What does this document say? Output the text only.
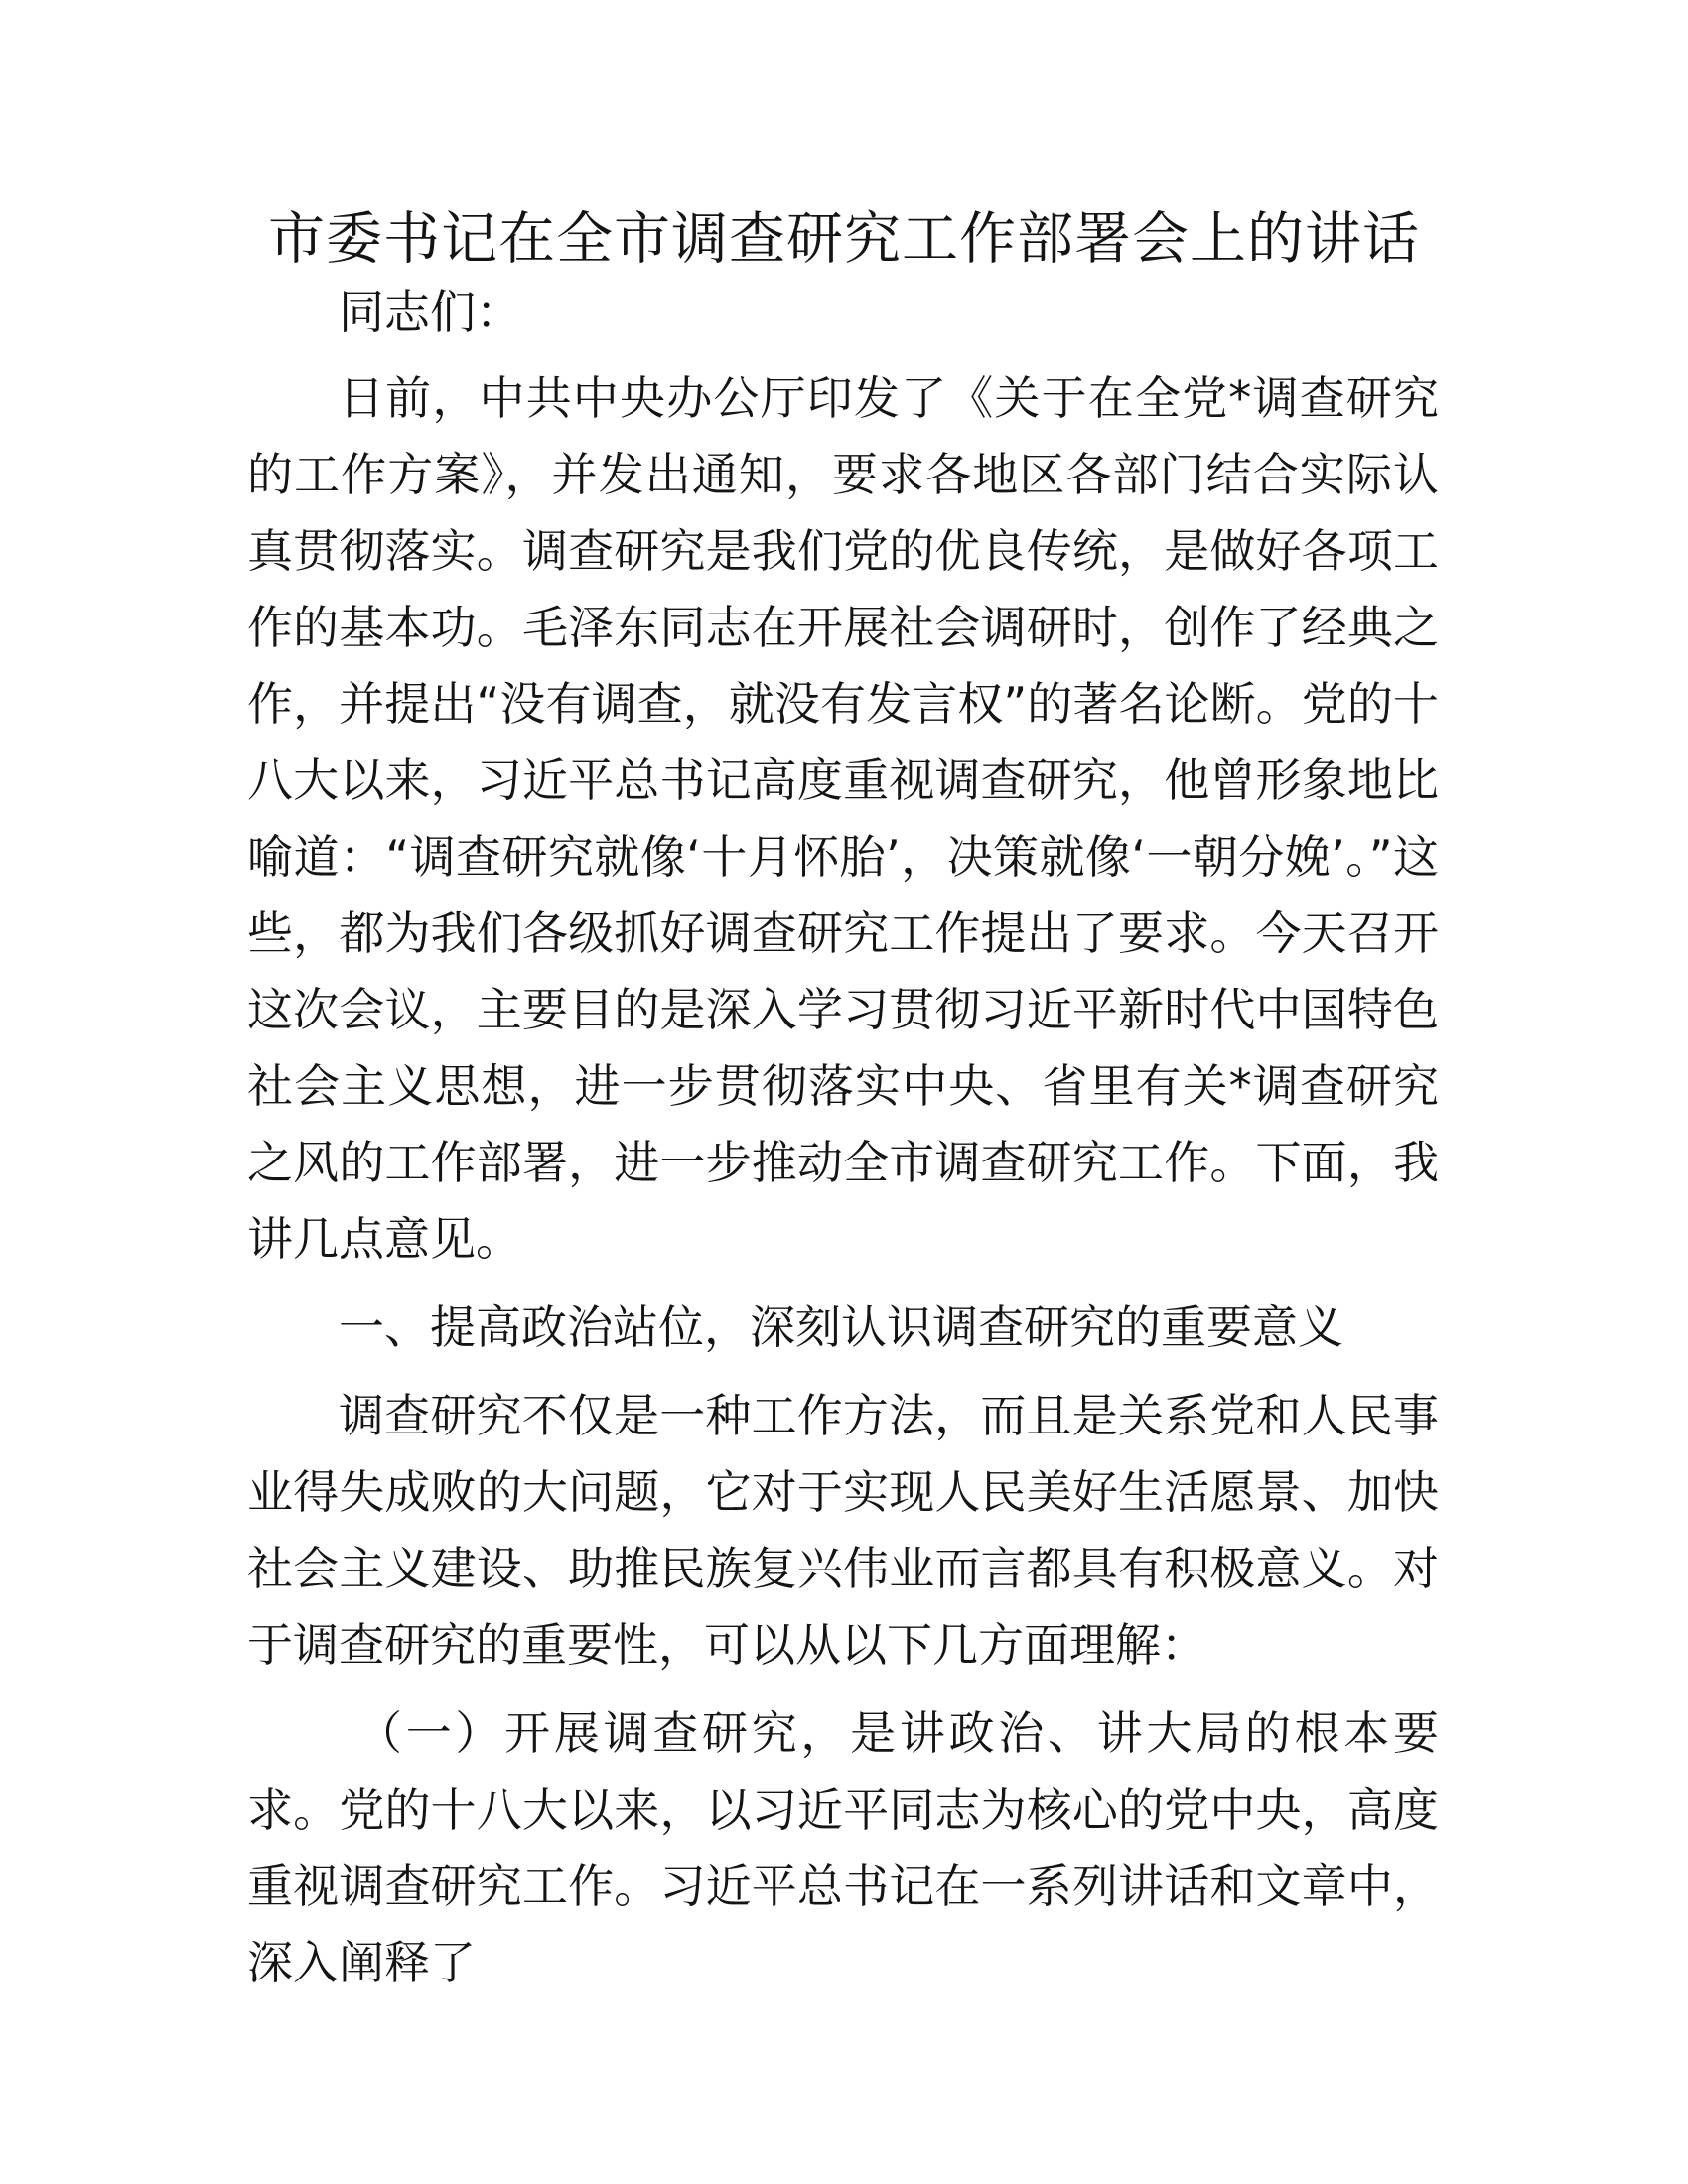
市委书记在全市调查研究工作部署会上的讲话

同志们：

日前，中共中央办公厅印发了《关于在全党*调查研究的工作方案》，并发出通知，要求各地区各部门结合实际认真贯彻落实。调查研究是我们党的优良传统，是做好各项工作的基本功。毛泽东同志在开展社会调研时，创作了经典之作，并提出“没有调查，就没有发言权”的著名论断。党的十八大以来，习近平总书记高度重视调查研究，他曾形象地比喻道：“调查研究就像‘十月怀胎’，决策就像‘一朝分娩’。”这些，都为我们各级抓好调查研究工作提出了要求。今天召开这次会议，主要目的是深入学习贯彻习近平新时代中国特色社会主义思想，进一步贯彻落实中央、省里有关*调查研究之风的工作部署，进一步推动全市调查研究工作。下面，我讲几点意见。

一、提高政治站位，深刻认识调查研究的重要意义

调查研究不仅是一种工作方法，而且是关系党和人民事业得失成败的大问题，它对于实现人民美好生活愿景、加快社会主义建设、助推民族复兴伟业而言都具有积极意义。对于调查研究的重要性，可以从以下几方面理解：

（一）开展调查研究，是讲政治、讲大局的根本要求。党的十八大以来，以习近平同志为核心的党中央，高度重视调查研究工作。习近平总书记在一系列讲话和文章中，深入阐释了
